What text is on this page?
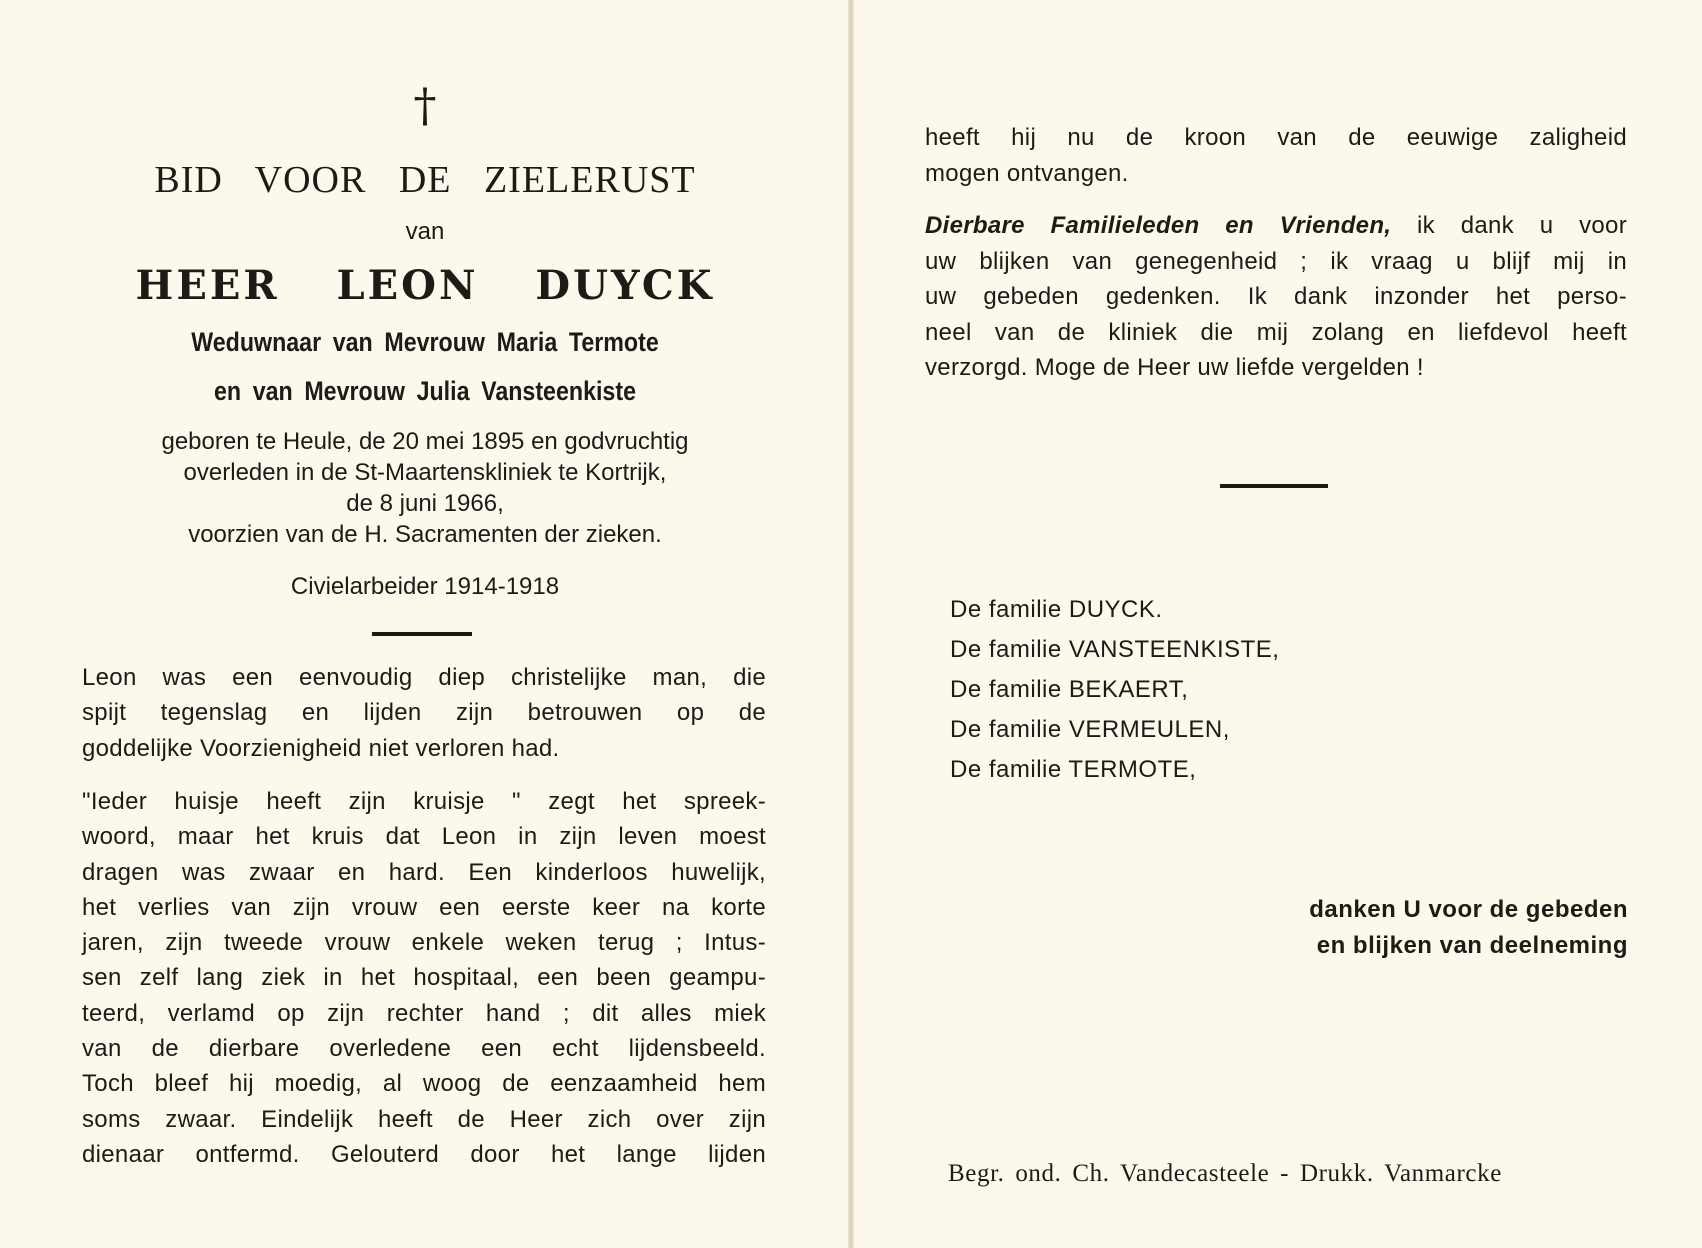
†
BID VOOR DE ZIELERUST
van
HEER LEON DUYCK
Weduwnaar van Mevrouw Maria Termote
en van Mevrouw Julia Vansteenkiste
geboren te Heule, de 20 mei 1895 en godvruchtig
overleden in de St-Maartenskliniek te Kortrijk,
de 8 juni 1966,
voorzien van de H. Sacramenten der zieken.
Civielarbeider 1914-1918
Leon was een eenvoudig diep christelijke man, die
spijt tegenslag en lijden zijn betrouwen op de
goddelijke Voorzienigheid niet verloren had.
"Ieder huisje heeft zijn kruisje " zegt het spreek-
woord, maar het kruis dat Leon in zijn leven moest
dragen was zwaar en hard. Een kinderloos huwelijk,
het verlies van zijn vrouw een eerste keer na korte
jaren, zijn tweede vrouw enkele weken terug ; Intus-
sen zelf lang ziek in het hospitaal, een been geampu-
teerd, verlamd op zijn rechter hand ; dit alles miek
van de dierbare overledene een echt lijdensbeeld.
Toch bleef hij moedig, al woog de eenzaamheid hem
soms zwaar. Eindelijk heeft de Heer zich over zijn
dienaar ontfermd. Gelouterd door het lange lijden
heeft hij nu de kroon van de eeuwige zaligheid
mogen ontvangen.
Dierbare Familieleden en Vrienden, ik dank u voor
uw blijken van genegenheid ; ik vraag u blijf mij in
uw gebeden gedenken. Ik dank inzonder het perso-
neel van de kliniek die mij zolang en liefdevol heeft
verzorgd. Moge de Heer uw liefde vergelden !
De familie DUYCK.
De familie VANSTEENKISTE,
De familie BEKAERT,
De familie VERMEULEN,
De familie TERMOTE,
danken U voor de gebeden
en blijken van deelneming
Begr. ond. Ch. Vandecasteele - Drukk. Vanmarcke
